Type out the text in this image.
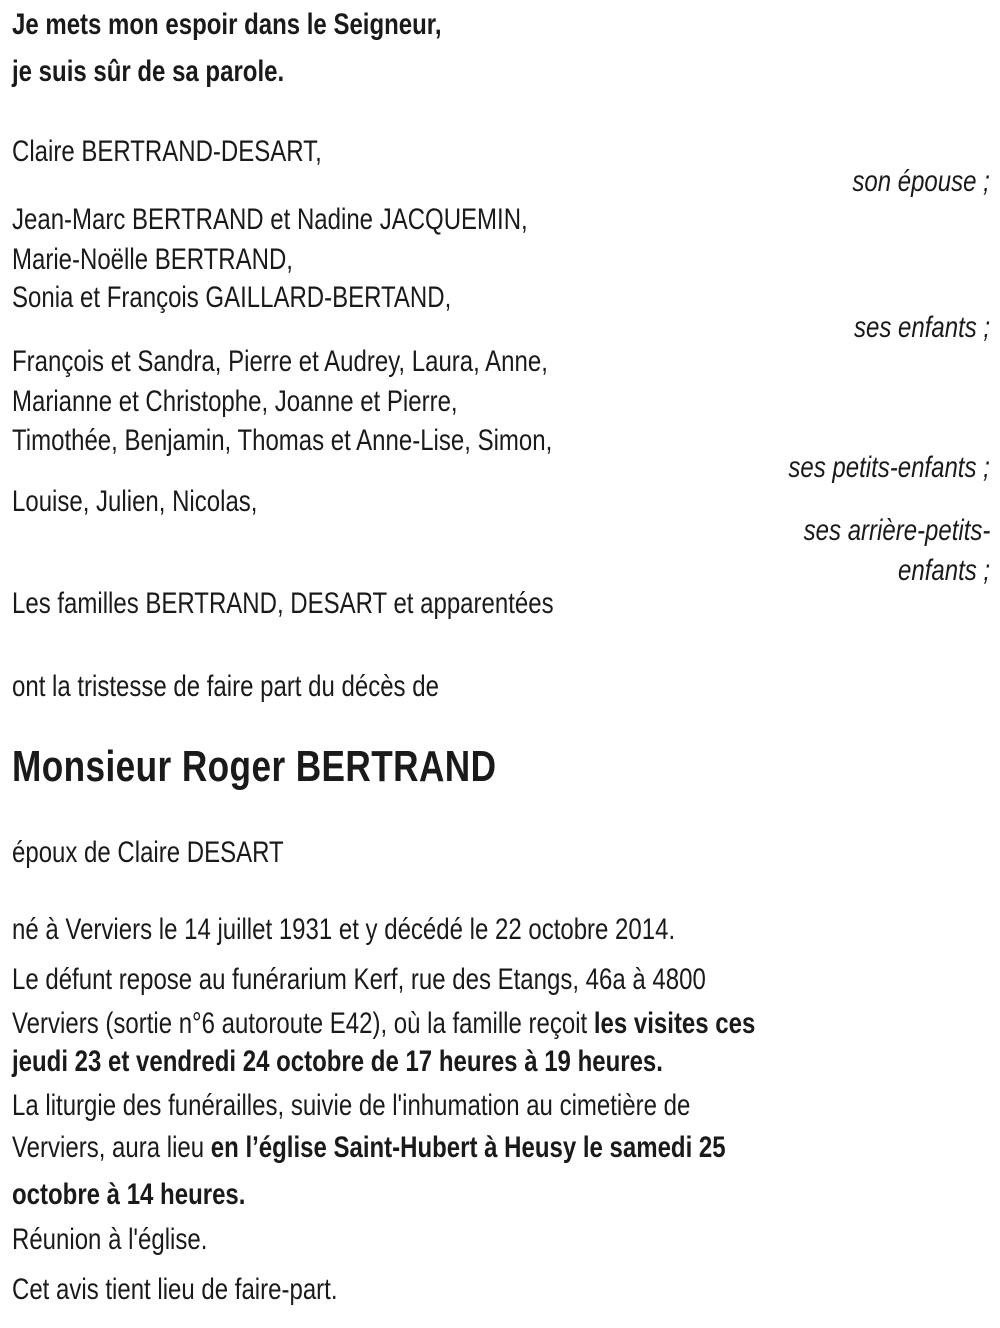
Je mets mon espoir dans le Seigneur,
je suis sûr de sa parole.
Claire BERTRAND-DESART,
son épouse ;
Jean-Marc BERTRAND et Nadine JACQUEMIN,
Marie-Noëlle BERTRAND,
Sonia et François GAILLARD-BERTAND,
ses enfants ;
François et Sandra, Pierre et Audrey, Laura, Anne,
Marianne et Christophe, Joanne et Pierre,
Timothée, Benjamin, Thomas et Anne-Lise, Simon,
ses petits-enfants ;
Louise, Julien, Nicolas,
ses arrière-petits-
enfants ;
Les familles BERTRAND, DESART et apparentées
ont la tristesse de faire part du décès de
Monsieur Roger BERTRAND
époux de Claire DESART
né à Verviers le 14 juillet 1931 et y décédé le 22 octobre 2014.
Le défunt repose au funérarium Kerf, rue des Etangs, 46a à 4800
Verviers (sortie n°6 autoroute E42), où la famille reçoit les visites ces
jeudi 23 et vendredi 24 octobre de 17 heures à 19 heures.
La liturgie des funérailles, suivie de l'inhumation au cimetière de
Verviers, aura lieu en l’église Saint-Hubert à Heusy le samedi 25
octobre à 14 heures.
Réunion à l'église.
Cet avis tient lieu de faire-part.
